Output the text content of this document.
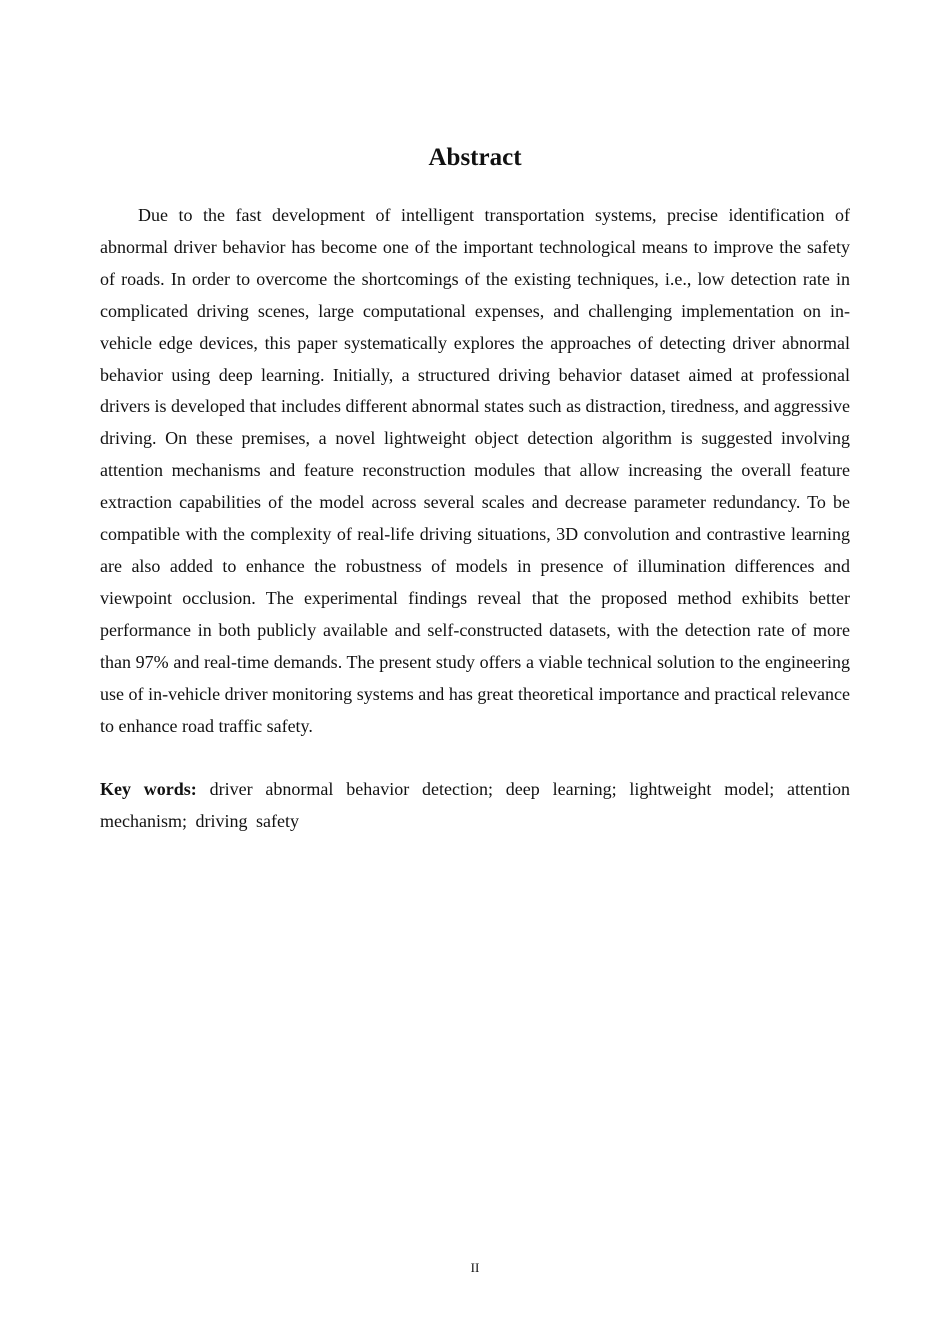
Abstract

Due to the fast development of intelligent transportation systems, precise identification of abnormal driver behavior has become one of the important technological means to improve the safety of roads. In order to overcome the shortcomings of the existing techniques, i.e., low detection rate in complicated driving scenes, large computational expenses, and challenging implementation on in-vehicle edge devices, this paper systematically explores the approaches of detecting driver abnormal behavior using deep learning. Initially, a structured driving behavior dataset aimed at professional drivers is developed that includes different abnormal states such as distraction, tiredness, and aggressive driving. On these premises, a novel lightweight object detection algorithm is suggested involving attention mechanisms and feature reconstruction modules that allow increasing the overall feature extraction capabilities of the model across several scales and decrease parameter redundancy. To be compatible with the complexity of real-life driving situations, 3D convolution and contrastive learning are also added to enhance the robustness of models in presence of illumination differences and viewpoint occlusion. The experimental findings reveal that the proposed method exhibits better performance in both publicly available and self-constructed datasets, with the detection rate of more than 97% and real-time demands. The present study offers a viable technical solution to the engineering use of in-vehicle driver monitoring systems and has great theoretical importance and practical relevance to enhance road traffic safety.

Key words: driver abnormal behavior detection; deep learning; lightweight model; attention mechanism; driving safety

II
